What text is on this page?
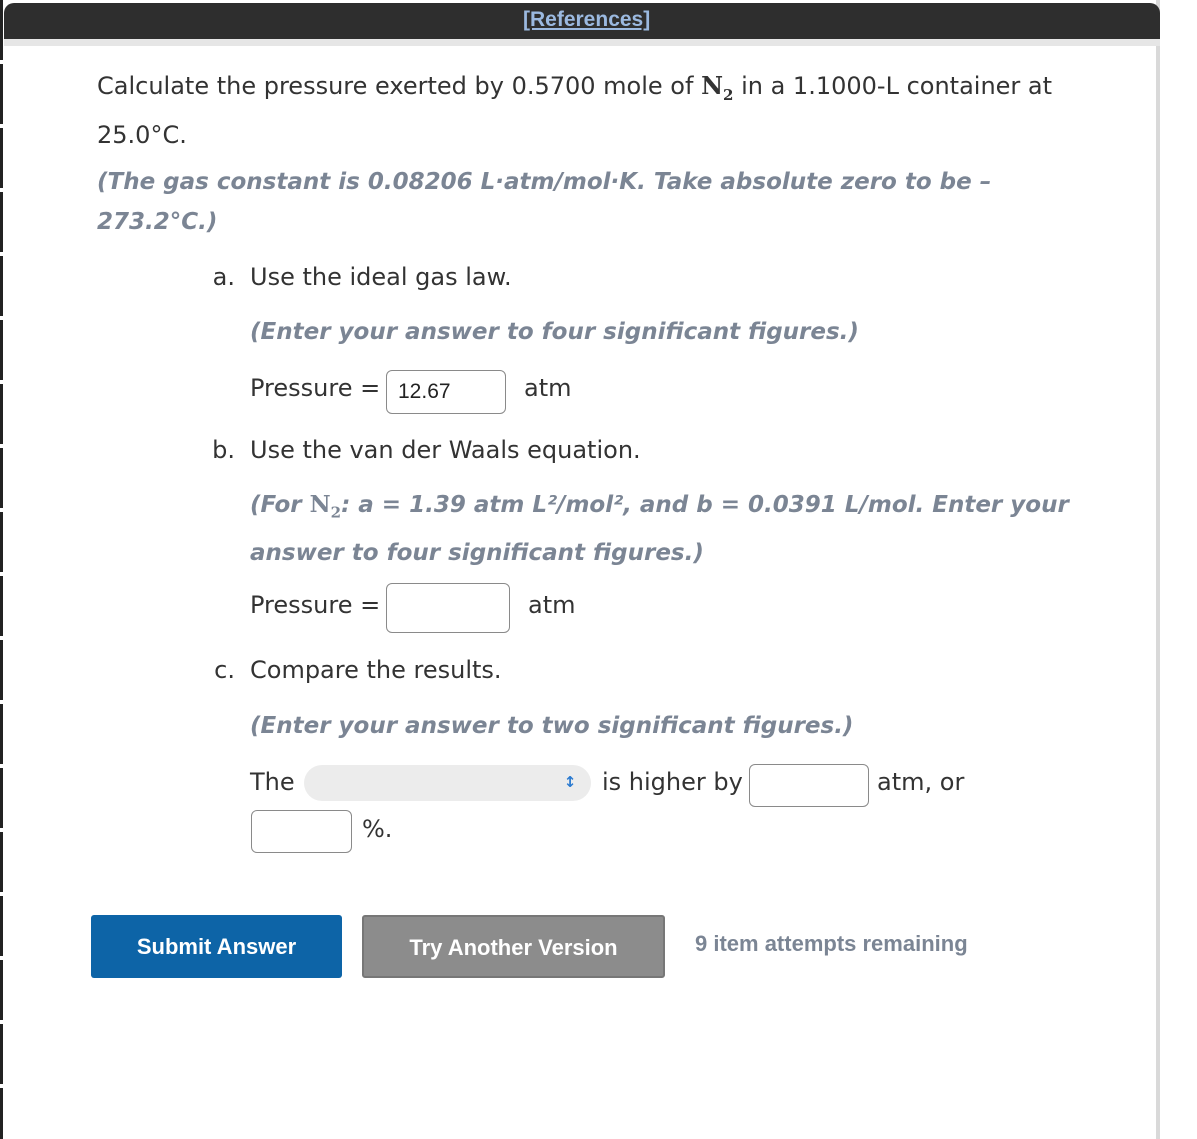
[References]
Calculate the pressure exerted by 0.5700 mole of $N_2$ in a 1.1000-L container at 25.0°C.
(The gas constant is 0.08206 L·atm/mol·K. Take absolute zero to be –273.2°C.)
a. Use the ideal gas law.
(Enter your answer to four significant figures.)
Pressure =
12.67	atm
b. Use the van der Waals equation.
(For $N_2$: a = 1.39 atm L²/mol², and b = 0.0391 L/mol. Enter your answer to four significant figures.)
Pressure =	atm
c. Compare the results.
(Enter your answer to two significant figures.)
The	↕ is higher by	atm, or
%.
Submit Answer	Try Another Version	9 item attempts remaining
